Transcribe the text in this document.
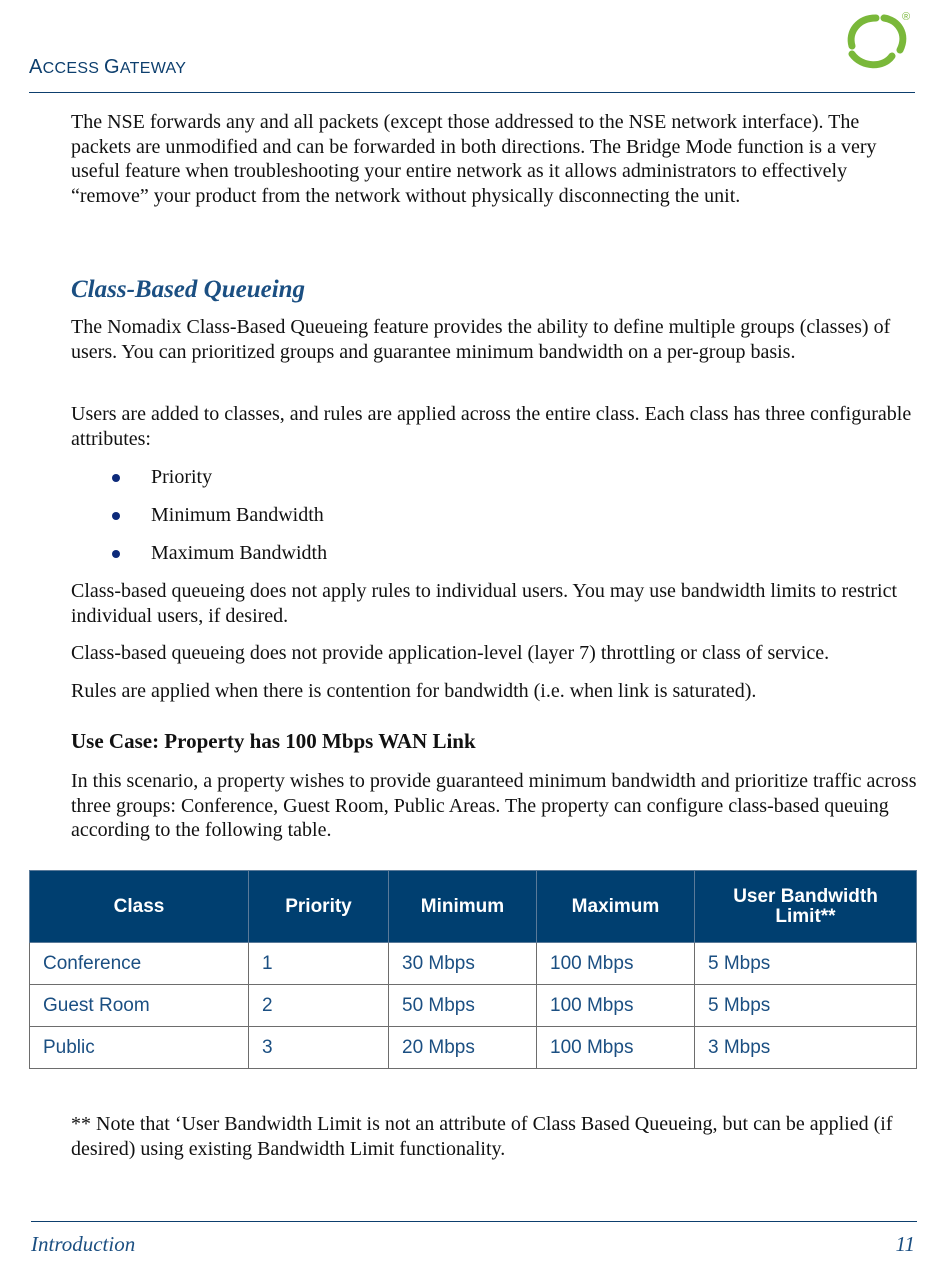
ACCESS GATEWAY
®

The NSE forwards any and all packets (except those addressed to the NSE network interface). The packets are unmodified and can be forwarded in both directions. The Bridge Mode function is a very useful feature when troubleshooting your entire network as it allows administrators to effectively “remove” your product from the network without physically disconnecting the unit.

Class-Based Queueing

The Nomadix Class-Based Queueing feature provides the ability to define multiple groups (classes) of users. You can prioritized groups and guarantee minimum bandwidth on a per-group basis.

Users are added to classes, and rules are applied across the entire class. Each class has three configurable attributes:

Priority
Minimum Bandwidth
Maximum Bandwidth

Class-based queueing does not apply rules to individual users. You may use bandwidth limits to restrict individual users, if desired.

Class-based queueing does not provide application-level (layer 7) throttling or class of service.

Rules are applied when there is contention for bandwidth (i.e. when link is saturated).

Use Case: Property has 100 Mbps WAN Link

In this scenario, a property wishes to provide guaranteed minimum bandwidth and prioritize traffic across three groups: Conference, Guest Room, Public Areas. The property can configure class-based queuing according to the following table.

Class	Priority	Minimum	Maximum	User Bandwidth Limit**
Conference	1	30 Mbps	100 Mbps	5 Mbps
Guest Room	2	50 Mbps	100 Mbps	5 Mbps
Public	3	20 Mbps	100 Mbps	3 Mbps

** Note that ‘User Bandwidth Limit is not an attribute of Class Based Queueing, but can be applied (if desired) using existing Bandwidth Limit functionality.

Introduction	11
